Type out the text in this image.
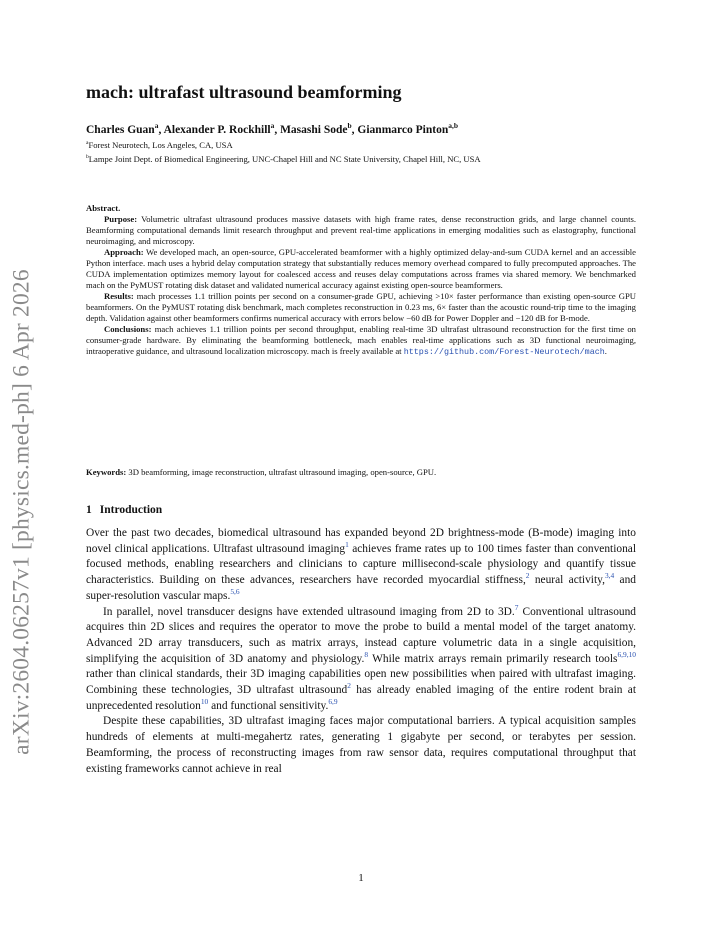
arXiv:2604.06257v1 [physics.med-ph] 6 Apr 2026
mach: ultrafast ultrasound beamforming
Charles Guan$^a$, Alexander P. Rockhill$^a$, Masashi Sode$^b$, Gianmarco Pinton$^{a,b}$
$^a$Forest Neurotech, Los Angeles, CA, USA
$^b$Lampe Joint Dept. of Biomedical Engineering, UNC-Chapel Hill and NC State University, Chapel Hill, NC, USA

Abstract.

Purpose: Volumetric ultrafast ultrasound produces massive datasets with high frame rates, dense reconstruction grids, and large channel counts. Beamforming computational demands limit research throughput and prevent real-time applications in emerging modalities such as elastography, functional neuroimaging, and microscopy.

Approach: We developed mach, an open-source, GPU-accelerated beamformer with a highly optimized delay-and-sum CUDA kernel and an accessible Python interface. mach uses a hybrid delay computation strategy that substantially reduces memory overhead compared to fully precomputed approaches. The CUDA implementation optimizes memory layout for coalesced access and reuses delay computations across frames via shared memory. We benchmarked mach on the PyMUST rotating disk dataset and validated numerical accuracy against existing open-source beamformers.

Results: mach processes 1.1 trillion points per second on a consumer-grade GPU, achieving >10× faster performance than existing open-source GPU beamformers. On the PyMUST rotating disk benchmark, mach completes reconstruction in 0.23 ms, 6× faster than the acoustic round-trip time to the imaging depth. Validation against other beamformers confirms numerical accuracy with errors below −60 dB for Power Doppler and −120 dB for B-mode.

Conclusions: mach achieves 1.1 trillion points per second throughput, enabling real-time 3D ultrafast ultrasound reconstruction for the first time on consumer-grade hardware. By eliminating the beamforming bottleneck, mach enables real-time applications such as 3D functional neuroimaging, intraoperative guidance, and ultrasound localization microscopy. mach is freely available at https://github.com/Forest-Neurotech/mach.

Keywords: 3D beamforming, image reconstruction, ultrafast ultrasound imaging, open-source, GPU.
1 Introduction

Over the past two decades, biomedical ultrasound has expanded beyond 2D brightness-mode (B-mode) imaging into novel clinical applications. Ultrafast ultrasound imaging$^1$ achieves frame rates up to 100 times faster than conventional focused methods, enabling researchers and clinicians to capture millisecond-scale physiology and quantify tissue characteristics. Building on these advances, researchers have recorded myocardial stiffness,$^2$ neural activity,$^{3,4}$ and super-resolution vascular maps.$^{5,6}$

In parallel, novel transducer designs have extended ultrasound imaging from 2D to 3D.$^7$ Conventional ultrasound acquires thin 2D slices and requires the operator to move the probe to build a mental model of the target anatomy. Advanced 2D array transducers, such as matrix arrays, instead capture volumetric data in a single acquisition, simplifying the acquisition of 3D anatomy and physiology.$^8$ While matrix arrays remain primarily research tools$^{6,9,10}$ rather than clinical standards, their 3D imaging capabilities open new possibilities when paired with ultrafast imaging. Combining these technologies, 3D ultrafast ultrasound$^2$ has already enabled imaging of the entire rodent brain at unprecedented resolution$^{10}$ and functional sensitivity.$^{6,9}$

Despite these capabilities, 3D ultrafast imaging faces major computational barriers. A typical acquisition samples hundreds of elements at multi-megahertz rates, generating 1 gigabyte per second, or terabytes per session. Beamforming, the process of reconstructing images from raw sensor data, requires computational throughput that existing frameworks cannot achieve in real

1
